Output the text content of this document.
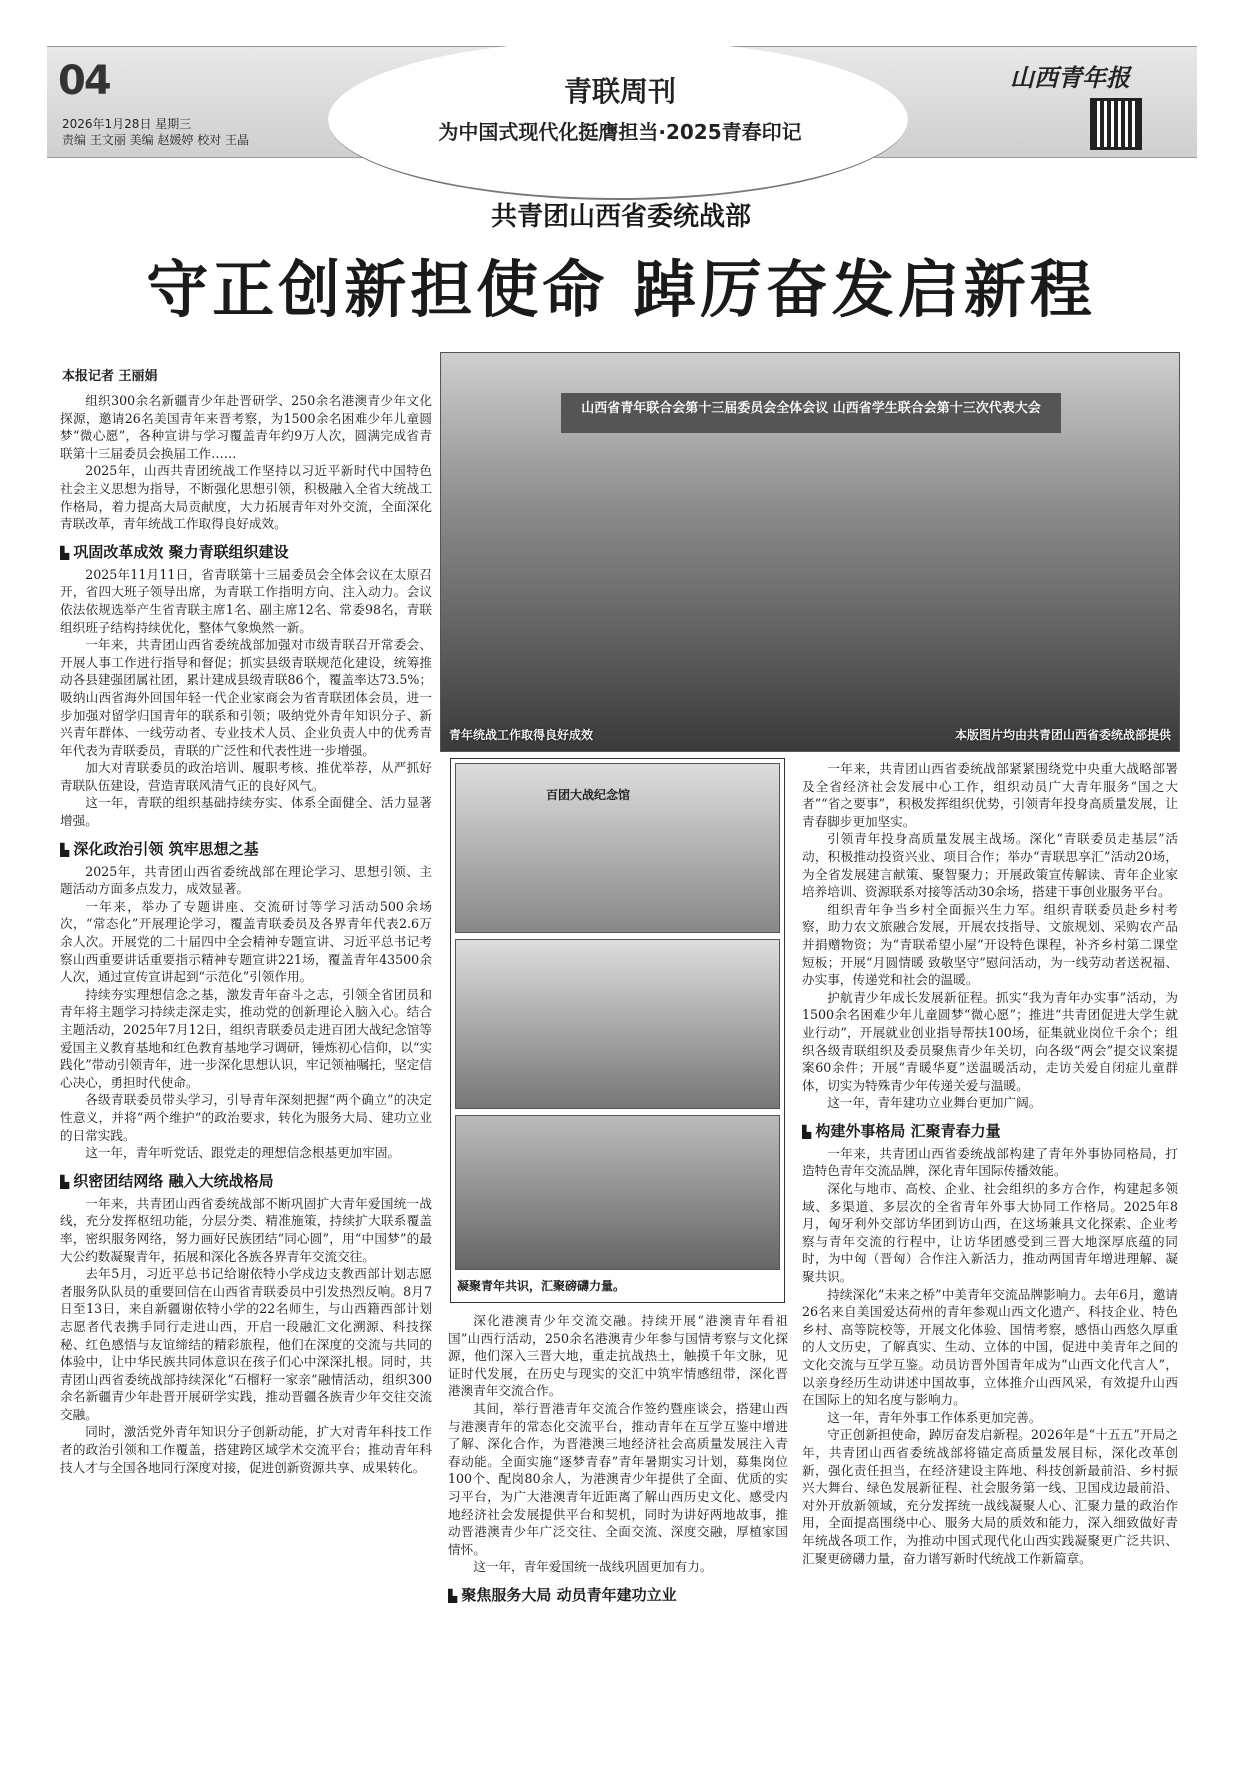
04
2026年1月28日 星期三
责编 王文丽 美编 赵媛婷 校对 王晶
青联周刊
为中国式现代化挺膺担当·2025青春印记
山西青年报
共青团山西省委统战部
守正创新担使命 踔厉奋发启新程
本报记者 王丽娟

组织300余名新疆青少年赴晋研学、250余名港澳青少年文化探源，邀请26名美国青年来晋考察，为1500余名困难少年儿童圆梦“微心愿”，各种宣讲与学习覆盖青年约9万人次，圆满完成省青联第十三届委员会换届工作……

2025年，山西共青团统战工作坚持以习近平新时代中国特色社会主义思想为指导，不断强化思想引领，积极融入全省大统战工作格局，着力提高大局贡献度，大力拓展青年对外交流，全面深化青联改革，青年统战工作取得良好成效。

▙ 巩固改革成效 聚力青联组织建设

2025年11月11日，省青联第十三届委员会全体会议在太原召开，省四大班子领导出席，为青联工作指明方向、注入动力。会议依法依规选举产生省青联主席1名、副主席12名、常委98名，青联组织班子结构持续优化，整体气象焕然一新。

一年来，共青团山西省委统战部加强对市级青联召开常委会、开展人事工作进行指导和督促；抓实县级青联规范化建设，统筹推动各县建强团属社团，累计建成县级青联86个，覆盖率达73.5%；吸纳山西省海外回国年轻一代企业家商会为省青联团体会员，进一步加强对留学归国青年的联系和引领；吸纳党外青年知识分子、新兴青年群体、一线劳动者、专业技术人员、企业负责人中的优秀青年代表为青联委员，青联的广泛性和代表性进一步增强。

加大对青联委员的政治培训、履职考核、推优举荐，从严抓好青联队伍建设，营造青联风清气正的良好风气。

这一年，青联的组织基础持续夯实、体系全面健全、活力显著增强。

▙ 深化政治引领 筑牢思想之基

2025年，共青团山西省委统战部在理论学习、思想引领、主题活动方面多点发力，成效显著。

一年来，举办了专题讲座、交流研讨等学习活动500余场次，“常态化”开展理论学习，覆盖青联委员及各界青年代表2.6万余人次。开展党的二十届四中全会精神专题宣讲、习近平总书记考察山西重要讲话重要指示精神专题宣讲221场，覆盖青年43500余人次，通过宣传宣讲起到“示范化”引领作用。

持续夯实理想信念之基，激发青年奋斗之志，引领全省团员和青年将主题学习持续走深走实，推动党的创新理论入脑入心。结合主题活动，2025年7月12日，组织青联委员走进百团大战纪念馆等爱国主义教育基地和红色教育基地学习调研，锤炼初心信仰，以“实践化”带动引领青年，进一步深化思想认识，牢记领袖嘱托，坚定信心决心，勇担时代使命。

各级青联委员带头学习，引导青年深刻把握“两个确立”的决定性意义，并将“两个维护”的政治要求，转化为服务大局、建功立业的日常实践。

这一年，青年听党话、跟党走的理想信念根基更加牢固。

▙ 织密团结网络 融入大统战格局

一年来，共青团山西省委统战部不断巩固扩大青年爱国统一战线，充分发挥枢纽功能，分层分类、精准施策，持续扩大联系覆盖率，密织服务网络，努力画好民族团结“同心圆”，用“中国梦”的最大公约数凝聚青年，拓展和深化各族各界青年交流交往。

去年5月，习近平总书记给谢依特小学戍边支教西部计划志愿者服务队队员的重要回信在山西省青联委员中引发热烈反响。8月7日至13日，来自新疆谢依特小学的22名师生，与山西籍西部计划志愿者代表携手同行走进山西，开启一段融汇文化溯源、科技探秘、红色感悟与友谊缔结的精彩旅程，他们在深度的交流与共同的体验中，让中华民族共同体意识在孩子们心中深深扎根。同时，共青团山西省委统战部持续深化“石榴籽一家亲”融情活动，组织300余名新疆青少年赴晋开展研学实践，推动晋疆各族青少年交往交流交融。

同时，激活党外青年知识分子创新动能，扩大对青年科技工作者的政治引领和工作覆盖，搭建跨区域学术交流平台；推动青年科技人才与全国各地同行深度对接，促进创新资源共享、成果转化。

山西省青年联合会第十三届委员会全体会议 山西省学生联合会第十三次代表大会
青年统战工作取得良好成效	本版图片均由共青团山西省委统战部提供
百团大战纪念馆
凝聚青年共识，汇聚磅礴力量。

深化港澳青少年交流交融。持续开展“港澳青年看祖国”山西行活动，250余名港澳青少年参与国情考察与文化探源，他们深入三晋大地，重走抗战热土，触摸千年文脉，见证时代发展，在历史与现实的交汇中筑牢情感纽带，深化晋港澳青年交流合作。

其间，举行晋港青年交流合作签约暨座谈会，搭建山西与港澳青年的常态化交流平台，推动青年在互学互鉴中增进了解、深化合作，为晋港澳三地经济社会高质量发展注入青春动能。全面实施“逐梦青春”青年暑期实习计划，募集岗位100个、配岗80余人，为港澳青少年提供了全面、优质的实习平台，为广大港澳青年近距离了解山西历史文化、感受内地经济社会发展提供平台和契机，同时为讲好两地故事，推动晋港澳青少年广泛交往、全面交流、深度交融，厚植家国情怀。

这一年，青年爱国统一战线巩固更加有力。

▙ 聚焦服务大局 动员青年建功立业

一年来，共青团山西省委统战部紧紧围绕党中央重大战略部署及全省经济社会发展中心工作，组织动员广大青年服务“国之大者”“省之要事”，积极发挥组织优势，引领青年投身高质量发展，让青春脚步更加坚实。

引领青年投身高质量发展主战场。深化“青联委员走基层”活动，积极推动投资兴业、项目合作；举办“青联思享汇”活动20场，为全省发展建言献策、聚智聚力；开展政策宣传解读、青年企业家培养培训、资源联系对接等活动30余场，搭建干事创业服务平台。

组织青年争当乡村全面振兴生力军。组织青联委员赴乡村考察，助力农文旅融合发展，开展农技指导、文旅规划、采购农产品并捐赠物资；为“青联希望小屋”开设特色课程，补齐乡村第二课堂短板；开展“月圆情暖 致敬坚守”慰问活动，为一线劳动者送祝福、办实事，传递党和社会的温暖。

护航青少年成长发展新征程。抓实“我为青年办实事”活动，为1500余名困难少年儿童圆梦“微心愿”；推进“共青团促进大学生就业行动”，开展就业创业指导帮扶100场，征集就业岗位千余个；组织各级青联组织及委员聚焦青少年关切，向各级“两会”提交议案提案60余件；开展“青暖华夏”送温暖活动，走访关爱自闭症儿童群体，切实为特殊青少年传递关爱与温暖。

这一年，青年建功立业舞台更加广阔。

▙ 构建外事格局 汇聚青春力量

一年来，共青团山西省委统战部构建了青年外事协同格局，打造特色青年交流品牌，深化青年国际传播效能。

深化与地市、高校、企业、社会组织的多方合作，构建起多领域、多渠道、多层次的全省青年外事大协同工作格局。2025年8月，匈牙利外交部访华团到访山西，在这场兼具文化探索、企业考察与青年交流的行程中，让访华团感受到三晋大地深厚底蕴的同时，为中匈（晋匈）合作注入新活力，推动两国青年增进理解、凝聚共识。

持续深化“未来之桥”中美青年交流品牌影响力。去年6月，邀请26名来自美国爱达荷州的青年参观山西文化遗产、科技企业、特色乡村、高等院校等，开展文化体验、国情考察，感悟山西悠久厚重的人文历史，了解真实、生动、立体的中国，促进中美青年之间的文化交流与互学互鉴。动员访晋外国青年成为“山西文化代言人”，以亲身经历生动讲述中国故事，立体推介山西风采，有效提升山西在国际上的知名度与影响力。

这一年，青年外事工作体系更加完善。

守正创新担使命，踔厉奋发启新程。2026年是“十五五”开局之年，共青团山西省委统战部将锚定高质量发展目标，深化改革创新，强化责任担当，在经济建设主阵地、科技创新最前沿、乡村振兴大舞台、绿色发展新征程、社会服务第一线、卫国戍边最前沿、对外开放新领域，充分发挥统一战线凝聚人心、汇聚力量的政治作用，全面提高围绕中心、服务大局的质效和能力，深入细致做好青年统战各项工作，为推动中国式现代化山西实践凝聚更广泛共识、汇聚更磅礴力量，奋力谱写新时代统战工作新篇章。
